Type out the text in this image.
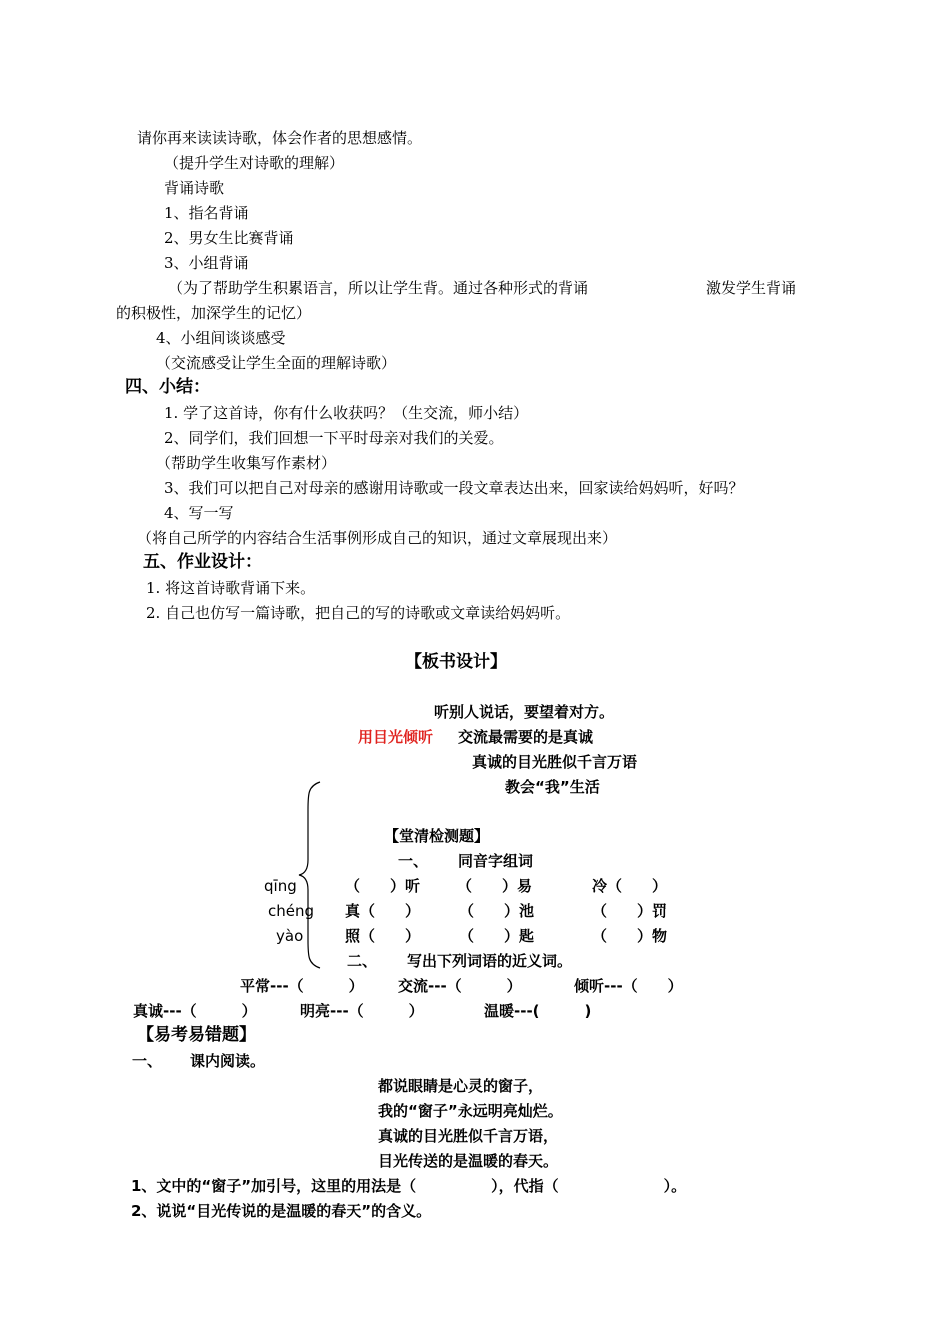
请你再来读读诗歌，体会作者的思想感情。
（提升学生对诗歌的理解）
背诵诗歌
1、指名背诵
2、男女生比赛背诵
3、小组背诵
（为了帮助学生积累语言，所以让学生背。通过各种形式的背诵	激发学生背诵
的积极性，加深学生的记忆）
4、小组间谈谈感受
（交流感受让学生全面的理解诗歌）
四、小结：
1. 学了这首诗，你有什么收获吗？（生交流，师小结）
2、同学们，我们回想一下平时母亲对我们的关爱。
（帮助学生收集写作素材）
3、我们可以把自己对母亲的感谢用诗歌或一段文章表达出来，回家读给妈妈听，好吗？
4、写一写
（将自己所学的内容结合生活事例形成自己的知识，通过文章展现出来）
五、作业设计：
1. 将这首诗歌背诵下来。
2. 自己也仿写一篇诗歌，把自己的写的诗歌或文章读给妈妈听。
【板书设计】
听别人说话，要望着对方。
用目光倾听 交流最需要的是真诚
真诚的目光胜似千言万语
教会“我”生活
【堂清检测题】
一、 同音字组词
qīng	（　　）听 （　　）易	冷（　　）
chéng 真（　　）	（　　）池	（　　）罚
yào	照（　　）	（　　）匙	（　　）物
二、 写出下列词语的近义词。
平常---（　　　） 交流---（　　　）	倾听---（　　）
真诚---（　　　）	明亮---（　　　）	温暖---(　　　)
【易考易错题】
一、 课内阅读。
都说眼睛是心灵的窗子，
我的“窗子”永远明亮灿烂。
真诚的目光胜似千言万语，
目光传送的是温暖的春天。
1、文中的“窗子”加引号，这里的用法是（　　　　　），代指（　　　　　　　）。
2、说说“目光传说的是温暖的春天”的含义。
